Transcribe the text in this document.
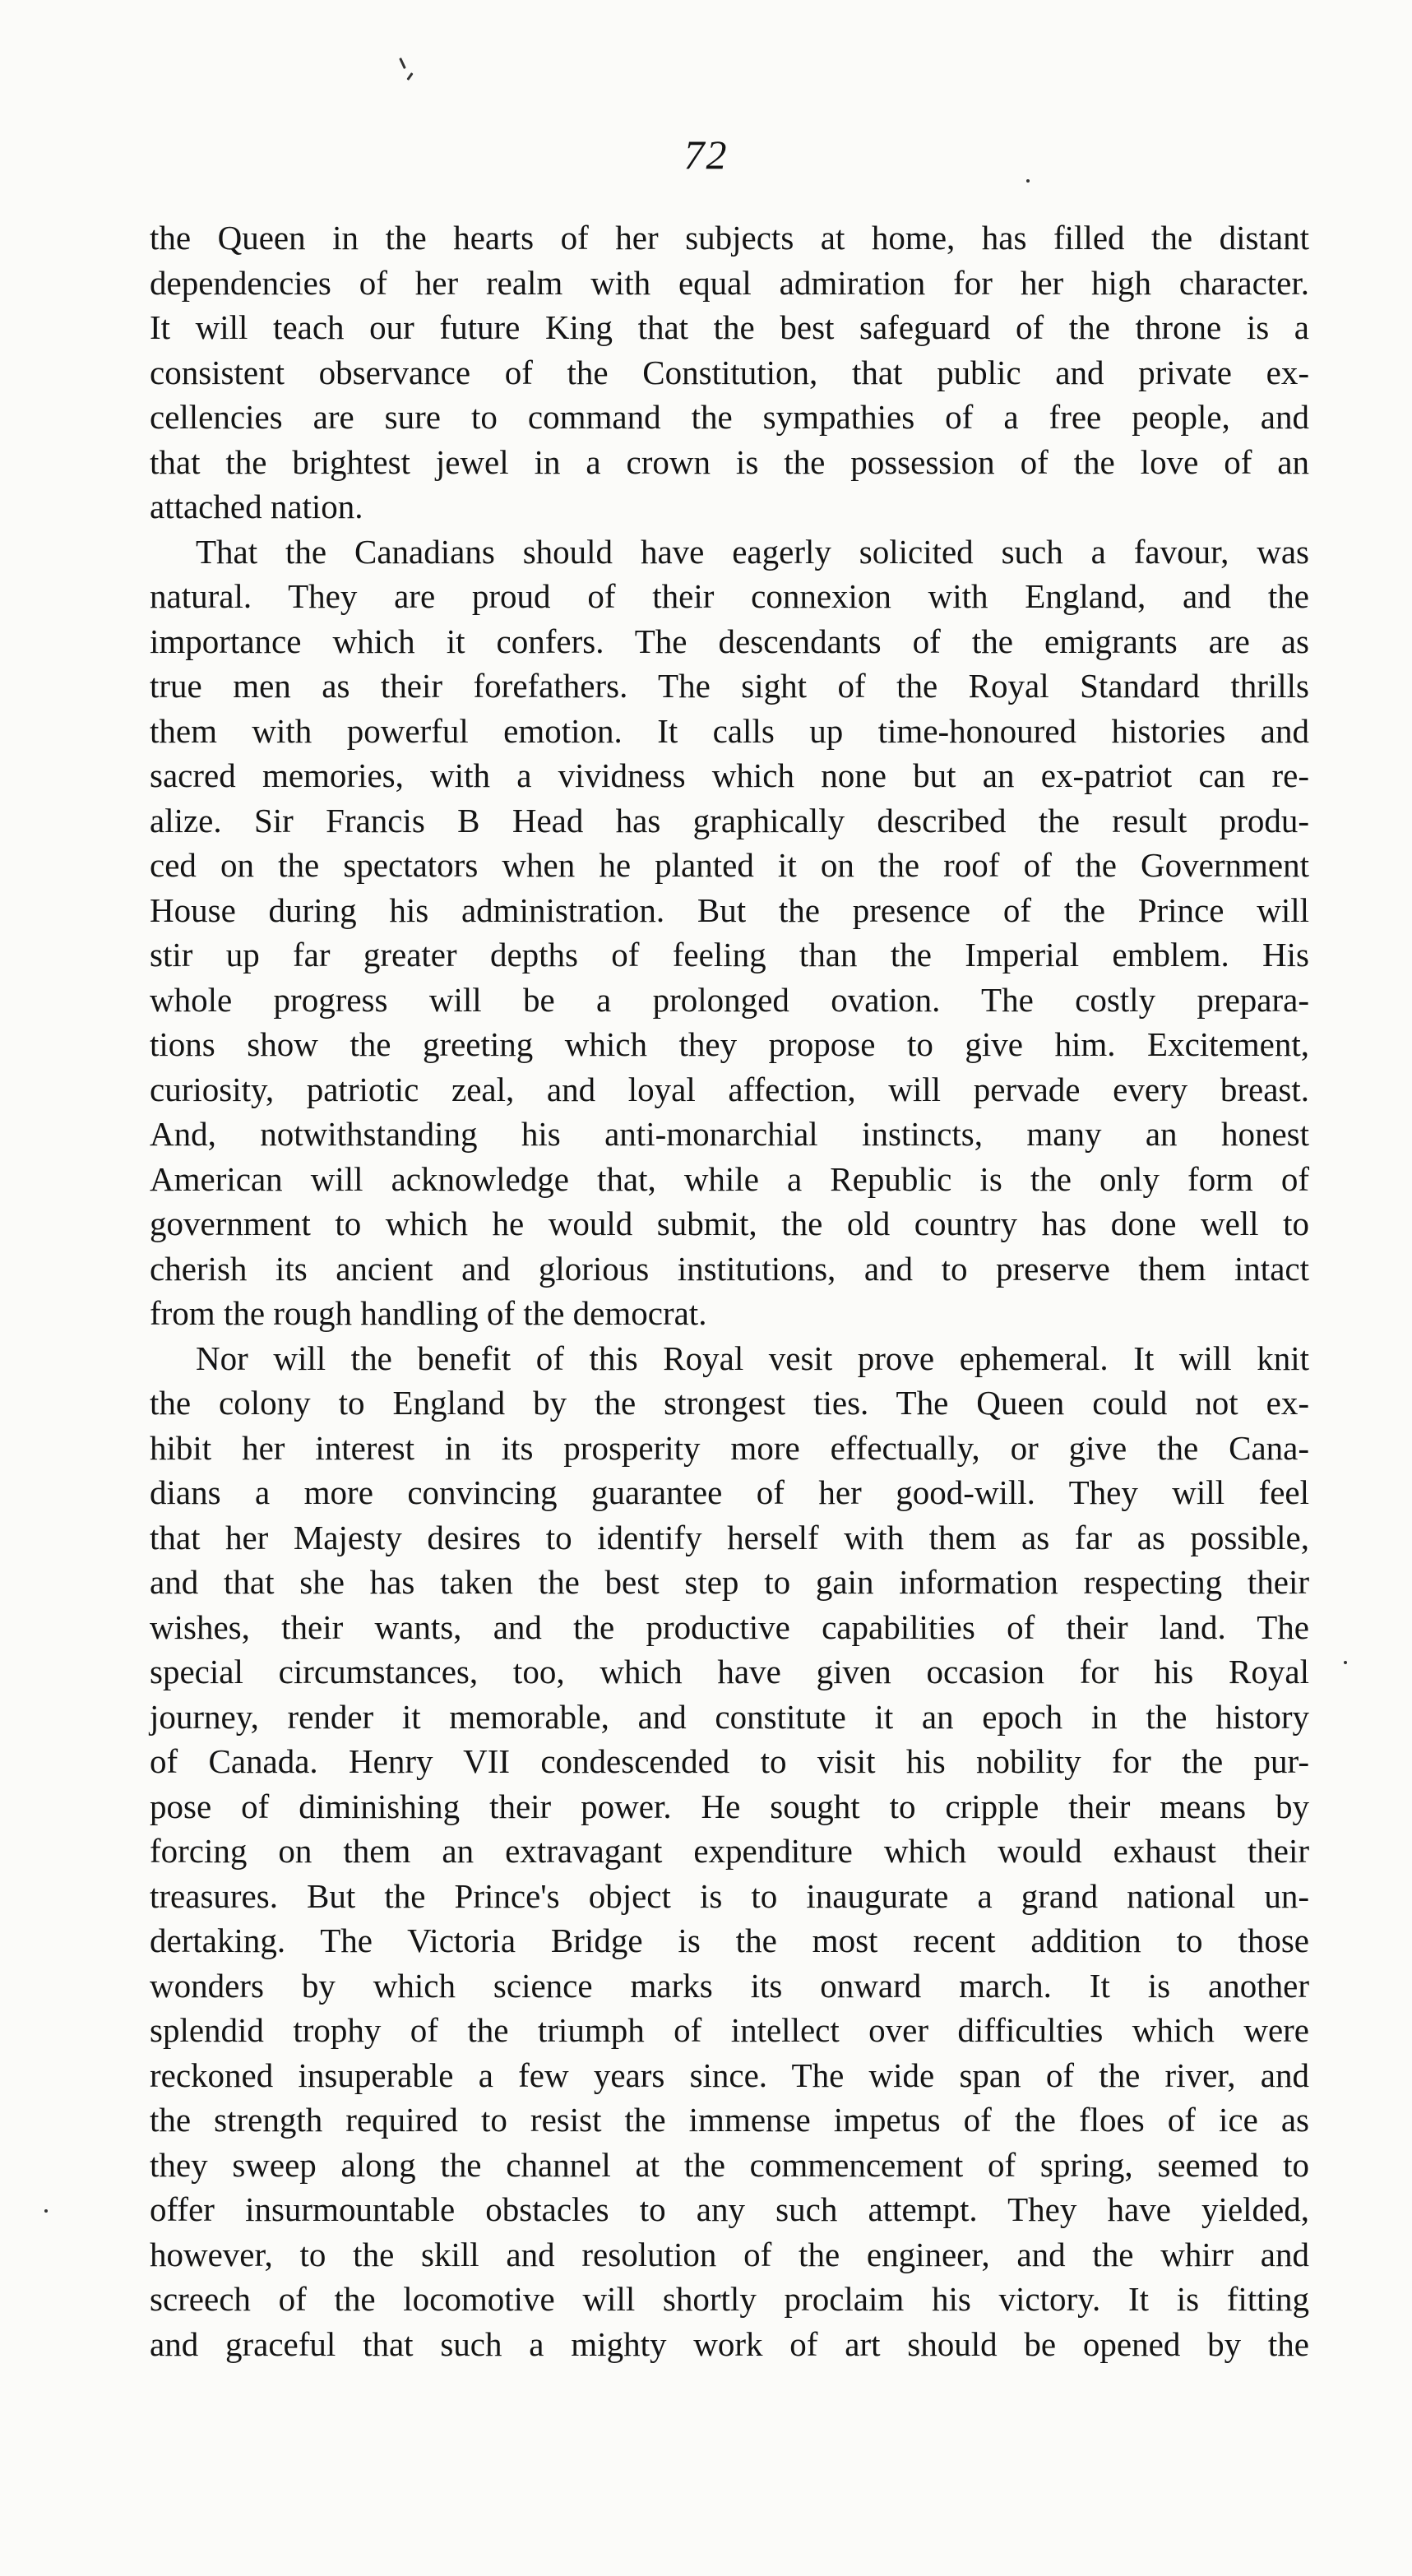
72
the Queen in the hearts of her subjects at home, has filled the distant
dependencies of her realm with equal admiration for her high character.
It will teach our future King that the best safeguard of the throne is a
consistent observance of the Constitution, that public and private ex-
cellencies are sure to command the sympathies of a free people, and
that the brightest jewel in a crown is the possession of the love of an
attached nation.
That the Canadians should have eagerly solicited such a favour, was
natural. They are proud of their connexion with England, and the
importance which it confers. The descendants of the emigrants are as
true men as their forefathers. The sight of the Royal Standard thrills
them with powerful emotion. It calls up time-honoured histories and
sacred memories, with a vividness which none but an ex-patriot can re-
alize. Sir Francis B Head has graphically described the result produ-
ced on the spectators when he planted it on the roof of the Government
House during his administration. But the presence of the Prince will
stir up far greater depths of feeling than the Imperial emblem. His
whole progress will be a prolonged ovation. The costly prepara-
tions show the greeting which they propose to give him. Excitement,
curiosity, patriotic zeal, and loyal affection, will pervade every breast.
And, notwithstanding his anti-monarchial instincts, many an honest
American will acknowledge that, while a Republic is the only form of
government to which he would submit, the old country has done well to
cherish its ancient and glorious institutions, and to preserve them intact
from the rough handling of the democrat.
Nor will the benefit of this Royal vesit prove ephemeral. It will knit
the colony to England by the strongest ties. The Queen could not ex-
hibit her interest in its prosperity more effectually, or give the Cana-
dians a more convincing guarantee of her good-will. They will feel
that her Majesty desires to identify herself with them as far as possible,
and that she has taken the best step to gain information respecting their
wishes, their wants, and the productive capabilities of their land. The
special circumstances, too, which have given occasion for his Royal
journey, render it memorable, and constitute it an epoch in the history
of Canada. Henry VII condescended to visit his nobility for the pur-
pose of diminishing their power. He sought to cripple their means by
forcing on them an extravagant expenditure which would exhaust their
treasures. But the Prince's object is to inaugurate a grand national un-
dertaking. The Victoria Bridge is the most recent addition to those
wonders by which science marks its onward march. It is another
splendid trophy of the triumph of intellect over difficulties which were
reckoned insuperable a few years since. The wide span of the river, and
the strength required to resist the immense impetus of the floes of ice as
they sweep along the channel at the commencement of spring, seemed to
offer insurmountable obstacles to any such attempt. They have yielded,
however, to the skill and resolution of the engineer, and the whirr and
screech of the locomotive will shortly proclaim his victory. It is fitting
and graceful that such a mighty work of art should be opened by the
